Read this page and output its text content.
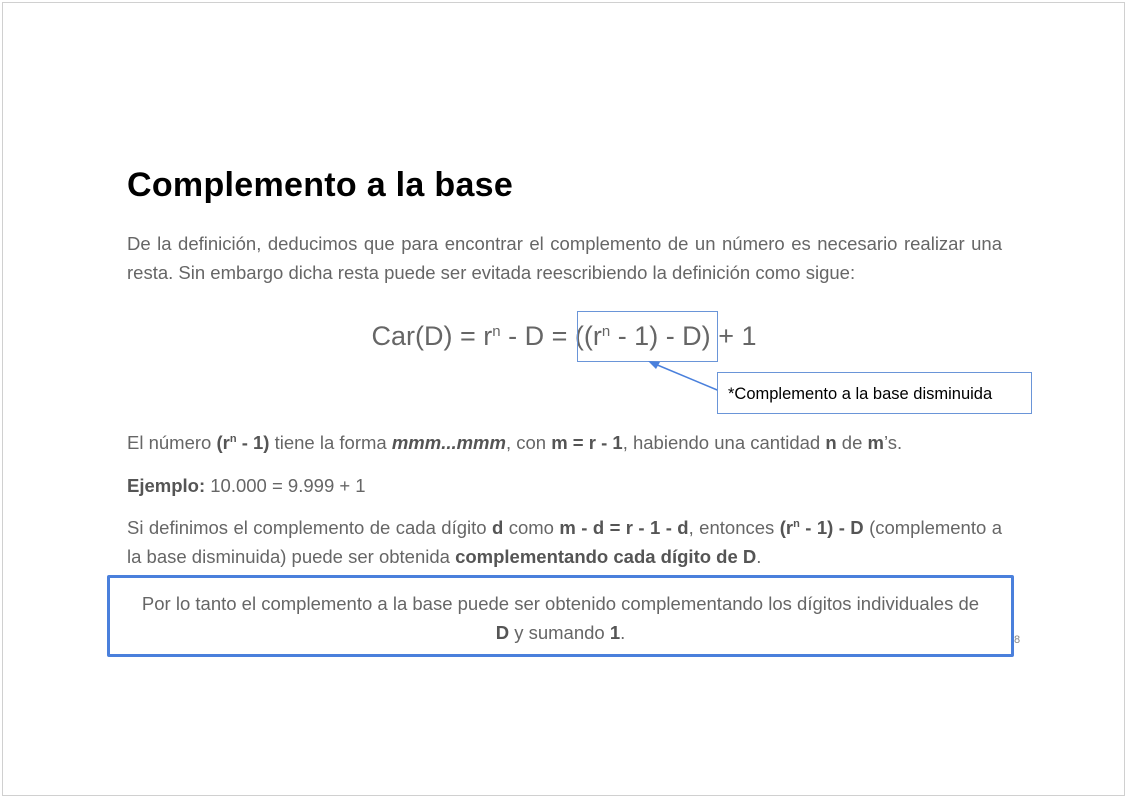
Complemento a la base
De la definición, deducimos que para encontrar el complemento de un número es necesario realizar una resta. Sin embargo dicha resta puede ser evitada reescribiendo la definición como sigue:
$Car(D) = r^n - D = ((r^n - 1) - D) + 1$
*Complemento a la base disminuida
El número $(r^n - 1)$ tiene la forma mmm...mmm, con m = r - 1, habiendo una cantidad n de m’s.
Ejemplo: 10.000 = 9.999 + 1
Si definimos el complemento de cada dígito d como m - d = r - 1 - d, entonces $(r^n - 1)$ - D (complemento a la base disminuida) puede ser obtenida complementando cada dígito de D.
Por lo tanto el complemento a la base puede ser obtenido complementando los dígitos individuales de D y sumando 1.	8
